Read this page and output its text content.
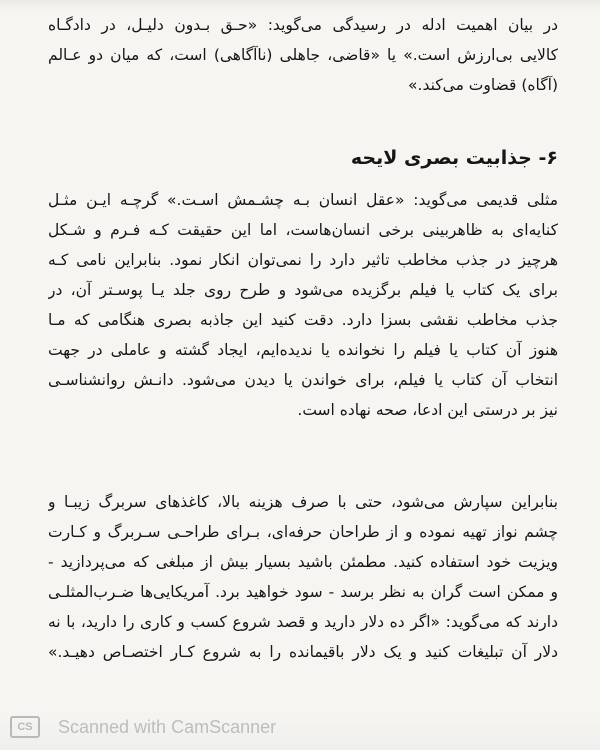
در بیان اهمیت ادله در رسیدگی می‌گوید: «حـق بـدون دلیـل، در دادگـاه
کالایی بی‌ارزش است.» یا «قاضی، جاهلی (ناآگاهی) است، که میان دو عـالم
(آگاه) قضاوت می‌کند.»
۶- جذابیت بصری لایحه
مثلی قدیمی می‌گوید: «عقل انسان بـه چشـمش اسـت.» گرچـه ایـن مثـل
کنایه‌ای به ظاهربینی برخی انسان‌هاست، اما این حقیقت کـه فـرم و شـکل
هرچیز در جذب مخاطب تاثیر دارد را نمی‌توان انکار نمود. بنابراین نامی کـه
برای یک کتاب یا فیلم برگزیده می‌شود و طرح روی جلد یـا پوسـتر آن، در
جذب مخاطب نقشی بسزا دارد. دقت کنید این جاذبه بصری هنگامی که مـا
هنوز آن کتاب یا فیلم را نخوانده یا ندیده‌ایم، ایجاد گشته و عاملی در جهت
انتخاب آن کتاب یا فیلم، برای خواندن یا دیدن می‌شود. دانـش روانشناسـی
نیز بر درستی این ادعا، صحه نهاده است.
بنابراین سپارش می‌شود، حتی با صرف هزینه بالا، کاغذهای سربرگ زیبـا و
چشم نواز تهیه نموده و از طراحان حرفه‌ای، بـرای طراحـی سـربرگ و کـارت
ویزیت خود استفاده کنید. مطمئن باشید بسیار بیش از مبلغی که می‌پردازید -
و ممکن است گران به نظر برسد - سود خواهید برد. آمریکایی‌ها ضـرب‌المثلـی
دارند که می‌گوید: «اگر ده دلار دارید و قصد شروع کسب و کاری را دارید، با نه
دلار آن تبلیغات کنید و یک دلار باقیمانده را به شروع کـار اختصـاص دهیـد.»
CS	Scanned with CamScanner
